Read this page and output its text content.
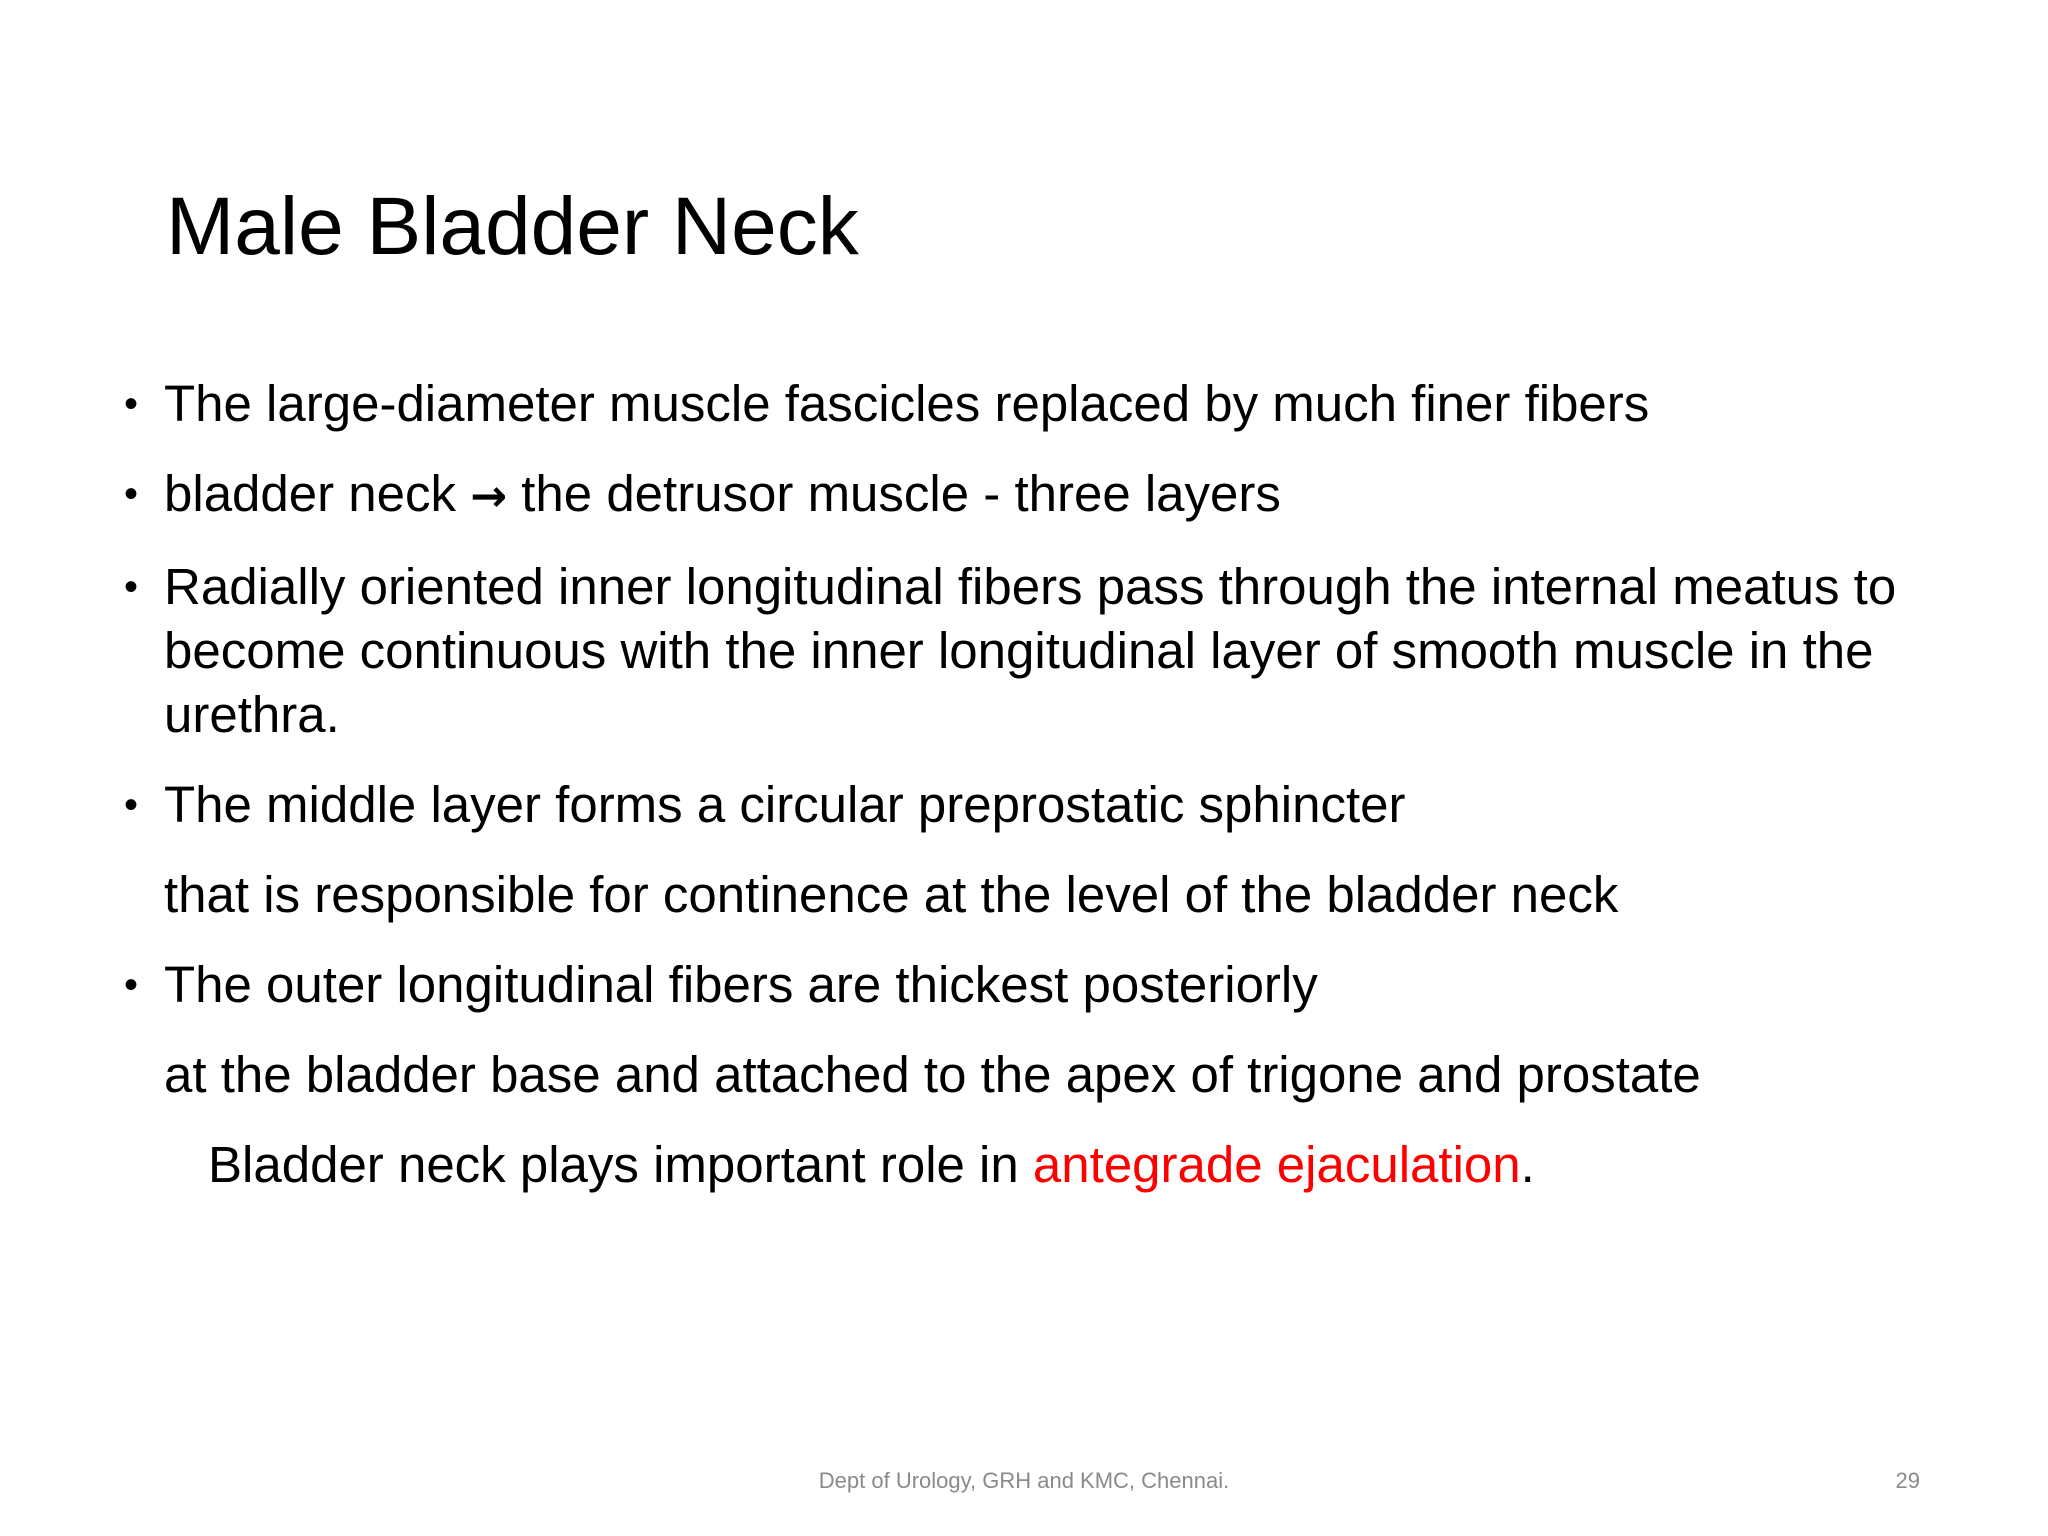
Male Bladder Neck
• The large-diameter muscle fascicles replaced by much finer fibers

• bladder neck → the detrusor muscle - three layers

• Radially oriented inner longitudinal fibers pass through the internal meatus to become continuous with the inner longitudinal layer of smooth muscle in the urethra.

• The middle layer forms a circular preprostatic sphincter

that is responsible for continence at the level of the bladder neck
• The outer longitudinal fibers are thickest posteriorly

at the bladder base and attached to the apex of trigone and prostate
Bladder neck plays important role in antegrade ejaculation.
Dept of Urology, GRH and KMC, Chennai.	29
